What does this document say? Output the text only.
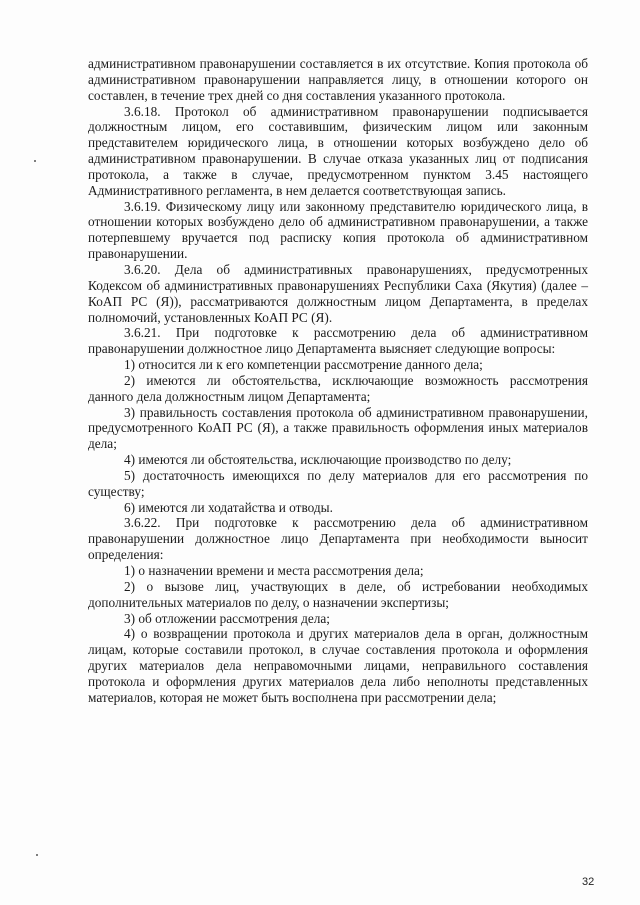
административном правонарушении составляется в их отсутствие. Копия протокола об административном правонарушении направляется лицу, в отношении которого он составлен, в течение трех дней со дня составления указанного протокола.

3.6.18. Протокол об административном правонарушении подписывается должностным лицом, его составившим, физическим лицом или законным представителем юридического лица, в отношении которых возбуждено дело об административном правонарушении. В случае отказа указанных лиц от подписания протокола, а также в случае, предусмотренном пунктом 3.45 настоящего Административного регламента, в нем делается соответствующая запись.

3.6.19. Физическому лицу или законному представителю юридического лица, в отношении которых возбуждено дело об административном правонарушении, а также потерпевшему вручается под расписку копия протокола об административном правонарушении.

3.6.20. Дела об административных правонарушениях, предусмотренных Кодексом об административных правонарушениях Республики Саха (Якутия) (далее – КоАП РС (Я)), рассматриваются должностным лицом Департамента, в пределах полномочий, установленных КоАП РС (Я).

3.6.21. При подготовке к рассмотрению дела об административном правонарушении должностное лицо Департамента выясняет следующие вопросы:

1) относится ли к его компетенции рассмотрение данного дела;

2) имеются ли обстоятельства, исключающие возможность рассмотрения данного дела должностным лицом Департамента;

3) правильность составления протокола об административном правонарушении, предусмотренного КоАП РС (Я), а также правильность оформления иных материалов дела;

4) имеются ли обстоятельства, исключающие производство по делу;

5) достаточность имеющихся по делу материалов для его рассмотрения по существу;

6) имеются ли ходатайства и отводы.

3.6.22. При подготовке к рассмотрению дела об административном правонарушении должностное лицо Департамента при необходимости выносит определения:

1) о назначении времени и места рассмотрения дела;

2) о вызове лиц, участвующих в деле, об истребовании необходимых дополнительных материалов по делу, о назначении экспертизы;

3) об отложении рассмотрения дела;

4) о возвращении протокола и других материалов дела в орган, должностным лицам, которые составили протокол, в случае составления протокола и оформления других материалов дела неправомочными лицами, неправильного составления протокола и оформления других материалов дела либо неполноты представленных материалов, которая не может быть восполнена при рассмотрении дела;

32
